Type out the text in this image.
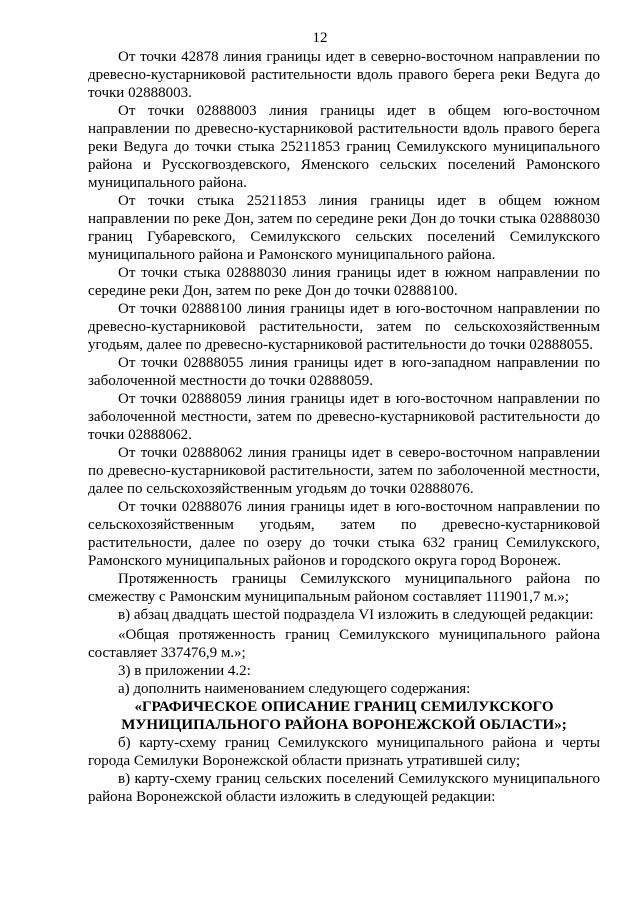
12

От точки 42878 линия границы идет в северно-восточном направлении по древесно-кустарниковой растительности вдоль правого берега реки Ведуга до точки 02888003.

От точки 02888003 линия границы идет в общем юго-восточном направлении по древесно-кустарниковой растительности вдоль правого берега реки Ведуга до точки стыка 25211853 границ Семилукского муниципального района и Русскогвоздевского, Яменского сельских поселений Рамонского муниципального района.

От точки стыка 25211853 линия границы идет в общем южном направлении по реке Дон, затем по середине реки Дон до точки стыка 02888030 границ Губаревского, Семилукского сельских поселений Семилукского муниципального района и Рамонского муниципального района.

От точки стыка 02888030 линия границы идет в южном направлении по середине реки Дон, затем по реке Дон до точки 02888100.

От точки 02888100 линия границы идет в юго-восточном направлении по древесно-кустарниковой растительности, затем по сельскохозяйственным угодьям, далее по древесно-кустарниковой растительности до точки 02888055.

От точки 02888055 линия границы идет в юго-западном направлении по заболоченной местности до точки 02888059.

От точки 02888059 линия границы идет в юго-восточном направлении по заболоченной местности, затем по древесно-кустарниковой растительности до точки 02888062.

От точки 02888062 линия границы идет в северо-восточном направлении по древесно-кустарниковой растительности, затем по заболоченной местности, далее по сельскохозяйственным угодьям до точки 02888076.

От точки 02888076 линия границы идет в юго-восточном направлении по сельскохозяйственным угодьям, затем по древесно-кустарниковой растительности, далее по озеру до точки стыка 632 границ Семилукского, Рамонского муниципальных районов и городского округа город Воронеж.

Протяженность границы Семилукского муниципального района по смежеству с Рамонским муниципальным районом составляет 111901,7 м.»;

в) абзац двадцать шестой подраздела VI изложить в следующей редакции:

«Общая протяженность границ Семилукского муниципального района составляет 337476,9 м.»;

3) в приложении 4.2:

а) дополнить наименованием следующего содержания:

«ГРАФИЧЕСКОЕ ОПИСАНИЕ ГРАНИЦ СЕМИЛУКСКОГО

МУНИЦИПАЛЬНОГО РАЙОНА ВОРОНЕЖСКОЙ ОБЛАСТИ»;

б) карту-схему границ Семилукского муниципального района и черты города Семилуки Воронежской области признать утратившей силу;

в) карту-схему границ сельских поселений Семилукского муниципального района Воронежской области изложить в следующей редакции:
